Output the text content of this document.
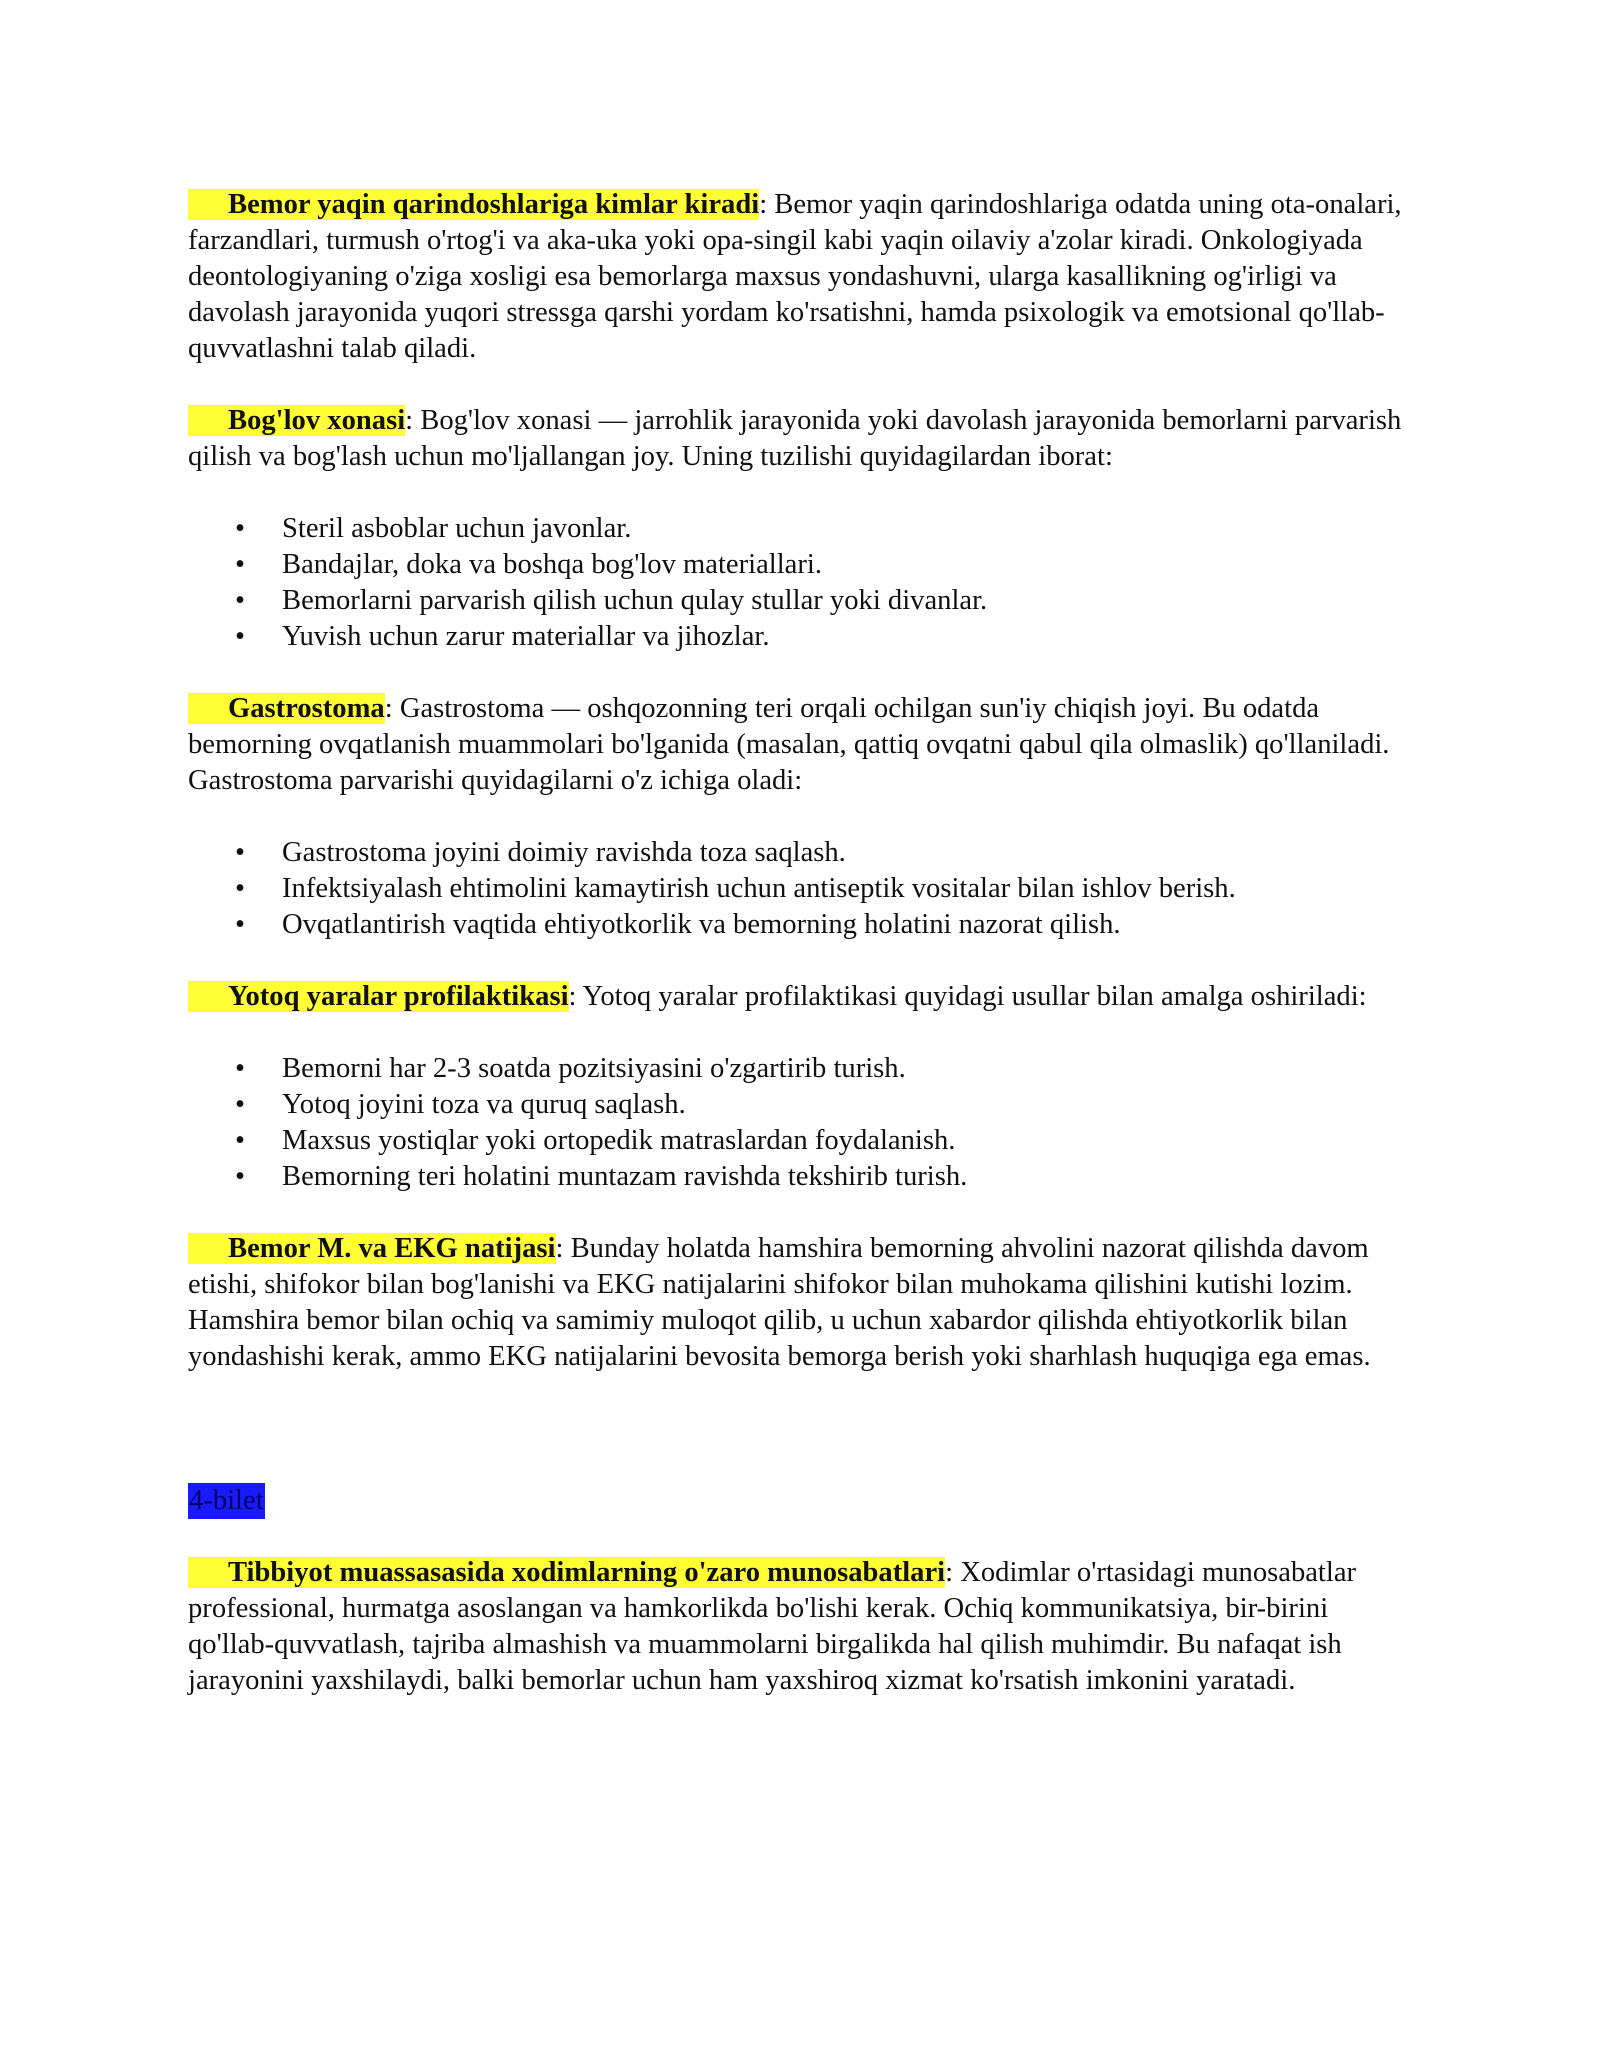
Bemor yaqin qarindoshlariga kimlar kiradi: Bemor yaqin qarindoshlariga odatda uning ota-onalari, farzandlari, turmush o'rtog'i va aka-uka yoki opa-singil kabi yaqin oilaviy a'zolar kiradi. Onkologiyada deontologiyaning o'ziga xosligi esa bemorlarga maxsus yondashuvni, ularga kasallikning og'irligi va davolash jarayonida yuqori stressga qarshi yordam ko'rsatishni, hamda psixologik va emotsional qo'llab-quvvatlashni talab qiladi.

Bog'lov xonasi: Bog'lov xonasi — jarrohlik jarayonida yoki davolash jarayonida bemorlarni parvarish qilish va bog'lash uchun mo'ljallangan joy. Uning tuzilishi quyidagilardan iborat:

• Steril asboblar uchun javonlar.
• Bandajlar, doka va boshqa bog'lov materiallari.
• Bemorlarni parvarish qilish uchun qulay stullar yoki divanlar.
• Yuvish uchun zarur materiallar va jihozlar.

Gastrostoma: Gastrostoma — oshqozonning teri orqali ochilgan sun'iy chiqish joyi. Bu odatda bemorning ovqatlanish muammolari bo'lganida (masalan, qattiq ovqatni qabul qila olmaslik) qo'llaniladi. Gastrostoma parvarishi quyidagilarni o'z ichiga oladi:

• Gastrostoma joyini doimiy ravishda toza saqlash.
• Infektsiyalash ehtimolini kamaytirish uchun antiseptik vositalar bilan ishlov berish.
• Ovqatlantirish vaqtida ehtiyotkorlik va bemorning holatini nazorat qilish.

Yotoq yaralar profilaktikasi: Yotoq yaralar profilaktikasi quyidagi usullar bilan amalga oshiriladi:

• Bemorni har 2-3 soatda pozitsiyasini o'zgartirib turish.
• Yotoq joyini toza va quruq saqlash.
• Maxsus yostiqlar yoki ortopedik matraslardan foydalanish.
• Bemorning teri holatini muntazam ravishda tekshirib turish.

Bemor M. va EKG natijasi: Bunday holatda hamshira bemorning ahvolini nazorat qilishda davom etishi, shifokor bilan bog'lanishi va EKG natijalarini shifokor bilan muhokama qilishini kutishi lozim. Hamshira bemor bilan ochiq va samimiy muloqot qilib, u uchun xabardor qilishda ehtiyotkorlik bilan yondashishi kerak, ammo EKG natijalarini bevosita bemorga berish yoki sharhlash huquqiga ega emas.

4-bilet

Tibbiyot muassasasida xodimlarning o'zaro munosabatlari: Xodimlar o'rtasidagi munosabatlar professional, hurmatga asoslangan va hamkorlikda bo'lishi kerak. Ochiq kommunikatsiya, bir-birini qo'llab-quvvatlash, tajriba almashish va muammolarni birgalikda hal qilish muhimdir. Bu nafaqat ish jarayonini yaxshilaydi, balki bemorlar uchun ham yaxshiroq xizmat ko'rsatish imkonini yaratadi.
